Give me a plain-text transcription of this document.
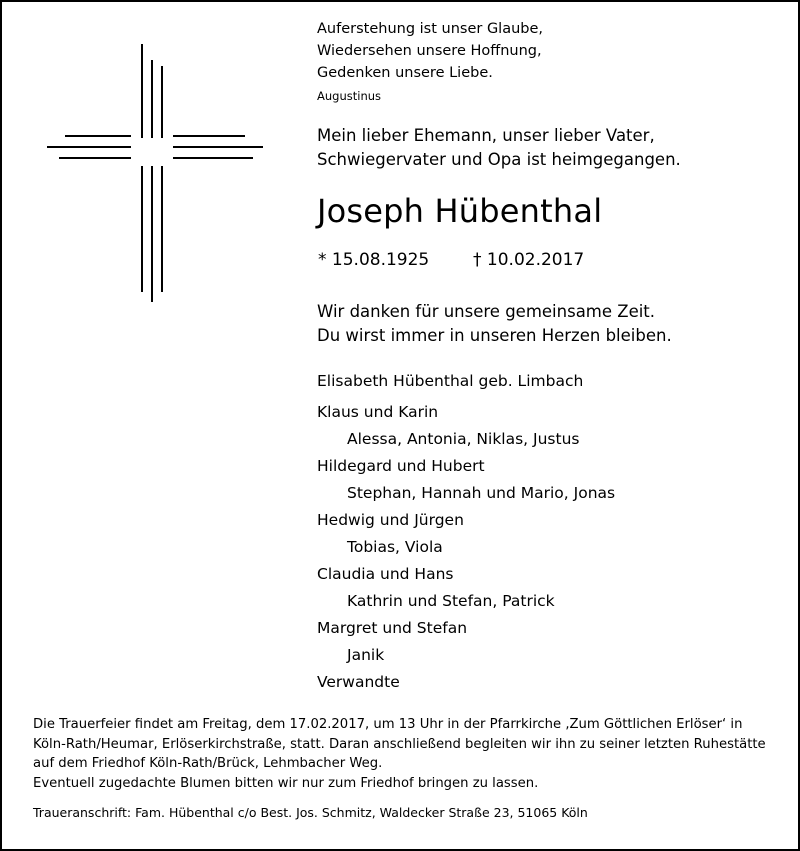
Auferstehung ist unser Glaube,
Wiedersehen unsere Hoffnung,
Gedenken unsere Liebe.
Augustinus
Mein lieber Ehemann, unser lieber Vater,
Schwiegervater und Opa ist heimgegangen.
Joseph Hübenthal
* 15.08.1925	† 10.02.2017
Wir danken für unsere gemeinsame Zeit.
Du wirst immer in unseren Herzen bleiben.
Elisabeth Hübenthal geb. Limbach
Klaus und Karin
Alessa, Antonia, Niklas, Justus
Hildegard und Hubert
Stephan, Hannah und Mario, Jonas
Hedwig und Jürgen
Tobias, Viola
Claudia und Hans
Kathrin und Stefan, Patrick
Margret und Stefan
Janik
Verwandte
Die Trauerfeier findet am Freitag, dem 17.02.2017, um 13 Uhr in der Pfarrkirche ‚Zum Göttlichen Erlöser‘ in
Köln-Rath/Heumar, Erlöserkirchstraße, statt. Daran anschließend begleiten wir ihn zu seiner letzten Ruhestätte
auf dem Friedhof Köln-Rath/Brück, Lehmbacher Weg.
Eventuell zugedachte Blumen bitten wir nur zum Friedhof bringen zu lassen.
Traueranschrift: Fam. Hübenthal c/o Best. Jos. Schmitz, Waldecker Straße 23, 51065 Köln
